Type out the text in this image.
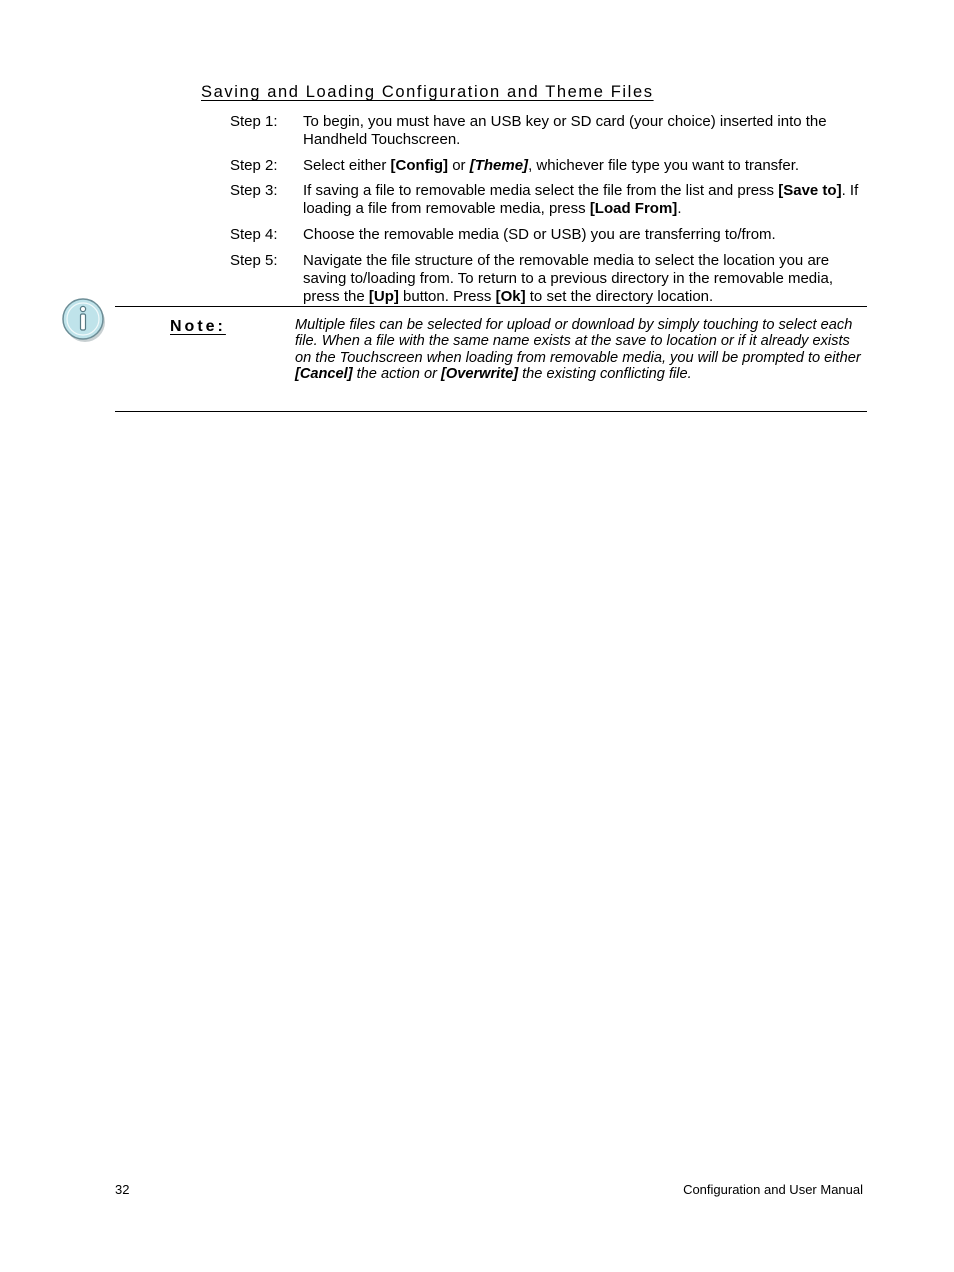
Saving and Loading Configuration and Theme Files
Step 1: To begin, you must have an USB key or SD card (your choice) inserted into the Handheld Touchscreen.
Step 2: Select either [Config] or [Theme], whichever file type you want to transfer.
Step 3: If saving a file to removable media select the file from the list and press [Save to]. If loading a file from removable media, press [Load From].
Step 4: Choose the removable media (SD or USB) you are transferring to/from.
Step 5: Navigate the file structure of the removable media to select the location you are saving to/loading from. To return to a previous directory in the removable media, press the [Up] button. Press [Ok] to set the directory location.
Note:	Multiple files can be selected for upload or download by simply touching to select each file. When a file with the same name exists at the save to location or if it already exists on the Touchscreen when loading from removable media, you will be prompted to either [Cancel] the action or [Overwrite] the existing conflicting file.
32	Configuration and User Manual
